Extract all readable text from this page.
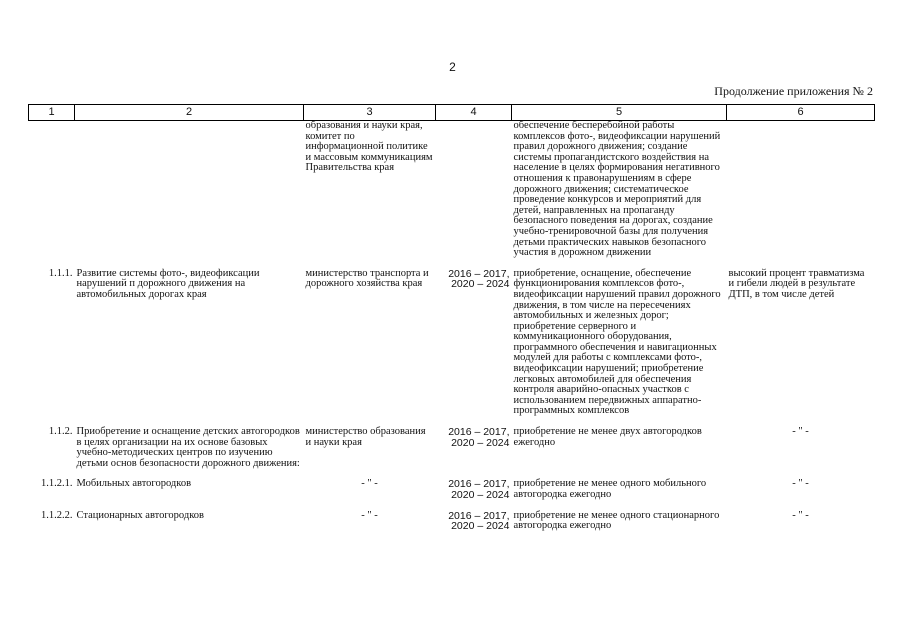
2
Продолжение приложения № 2
1	2	3	4	5	6
		образования и науки края, комитет по информационной политике и массовым коммуникациям Правительства края		обеспечение бесперебойной работы комплексов фото-, видеофиксации нарушений правил дорожного движения; создание системы пропагандистского воздействия на население в целях формирования негативного отношения к правонарушениям в сфере дорожного движения; систематическое проведение конкурсов и мероприятий для детей, направленных на пропаганду безопасного поведения на дорогах, создание учебно-тренировочной базы для получения детьми практических навыков безопасного участия в дорожном движении	
1.1.1.	Развитие системы фото-, видеофиксации нарушений п дорожного движения на автомобильных дорогах края	министерство транспорта и дорожного хозяйства края	2016 – 2017, 2020 – 2024	приобретение, оснащение, обеспечение функционирования комплексов фото-, видеофиксации нарушений правил дорожного движения, в том числе на пересечениях автомобильных и железных дорог; приобретение серверного и коммуникационного оборудования, программного обеспечения и навигационных модулей для работы с комплексами фото-, видеофиксации нарушений; приобретение легковых автомобилей для обеспечения контроля аварийно-опасных участков с использованием передвижных аппаратно-программных комплексов	высокий процент травматизма и гибели людей в результате ДТП, в том числе детей
1.1.2.	Приобретение и оснащение детских автогородков в целях организации на их основе базовых учебно-методических центров по изучению детьми основ безопасности дорожного движения:	министерство образования и науки края	2016 – 2017, 2020 – 2024	приобретение не менее двух автогородков ежегодно	- " -
1.1.2.1.	Мобильных автогородков	- " -	2016 – 2017, 2020 – 2024	приобретение не менее одного мобильного автогородка ежегодно	- " -
1.1.2.2.	Стационарных автогородков	- " -	2016 – 2017, 2020 – 2024	приобретение не менее одного стационарного автогородка ежегодно	- " -
